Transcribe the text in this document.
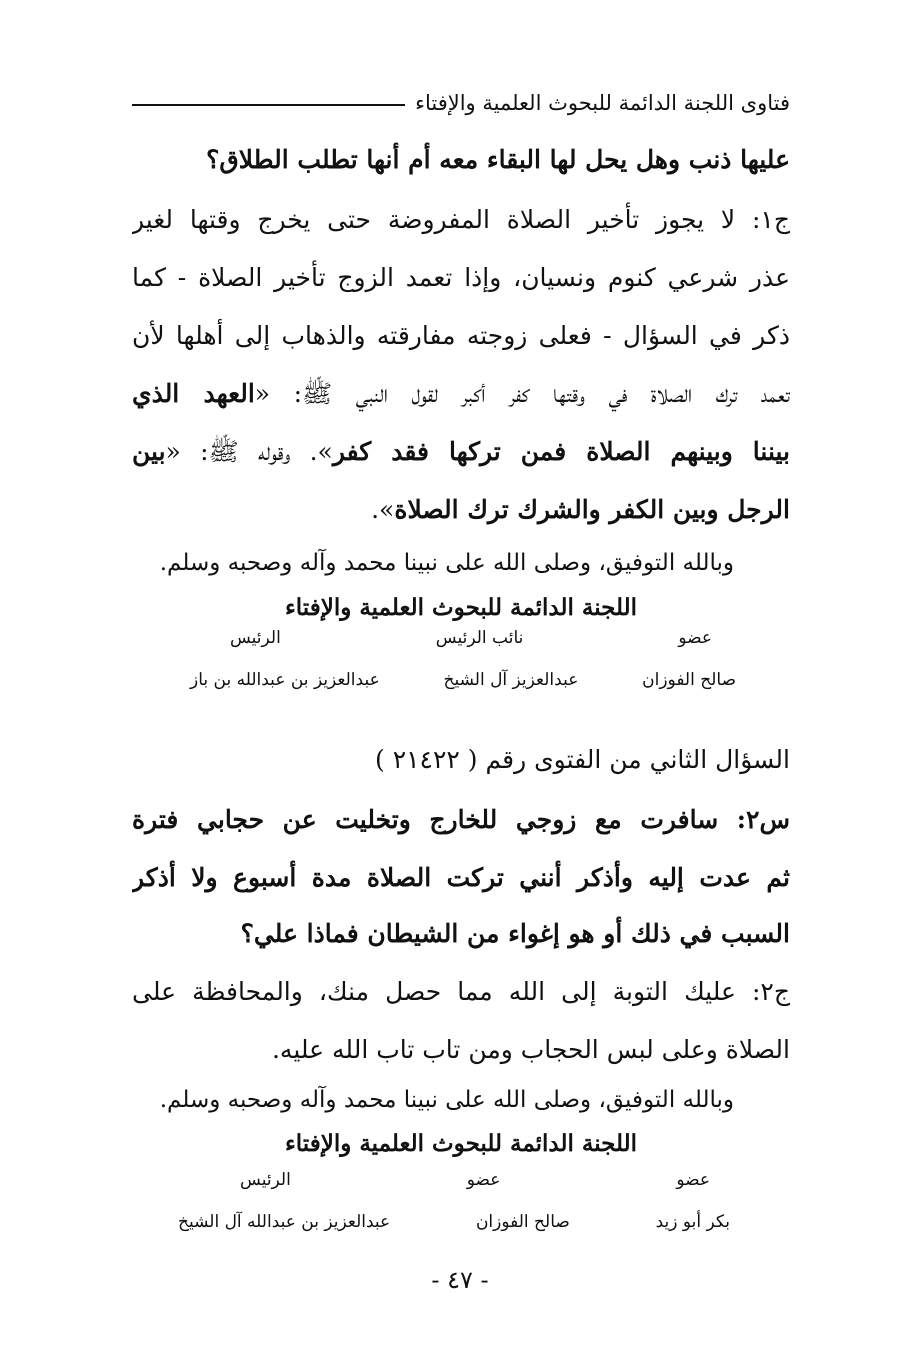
فتاوى اللجنة الدائمة للبحوث العلمية والإفتاء
عليها ذنب وهل يحل لها البقاء معه أم أنها تطلب الطلاق؟
ج١: لا يجوز تأخير الصلاة المفروضة حتى يخرج وقتها لغير
عذر شرعي كنوم ونسيان، وإذا تعمد الزوج تأخير الصلاة - كما
ذكر في السؤال - فعلى زوجته مفارقته والذهاب إلى أهلها لأن
تعمد ترك الصلاة في وقتها كفر أكبر لقول النبي ﷺ: «العهد الذي
بيننا وبينهم الصلاة فمن تركها فقد كفر». وقوله ﷺ: «بين
الرجل وبين الكفر والشرك ترك الصلاة».
وبالله التوفيق، وصلى الله على نبينا محمد وآله وصحبه وسلم.
اللجنة الدائمة للبحوث العلمية والإفتاء
عضو
نائب الرئيس
الرئيس
صالح الفوزان
عبدالعزيز آل الشيخ
عبدالعزيز بن عبدالله بن باز
السؤال الثاني من الفتوى رقم ( ٢١٤٢٢ )
س٢: سافرت مع زوجي للخارج وتخليت عن حجابي فترة
ثم عدت إليه وأذكر أنني تركت الصلاة مدة أسبوع ولا أذكر
السبب في ذلك أو هو إغواء من الشيطان فماذا علي؟
ج٢: عليك التوبة إلى الله مما حصل منك، والمحافظة على
الصلاة وعلى لبس الحجاب ومن تاب تاب الله عليه.
وبالله التوفيق، وصلى الله على نبينا محمد وآله وصحبه وسلم.
اللجنة الدائمة للبحوث العلمية والإفتاء
عضو
عضو
الرئيس
بكر أبو زيد
صالح الفوزان
عبدالعزيز بن عبدالله آل الشيخ
- ٤٧ -
